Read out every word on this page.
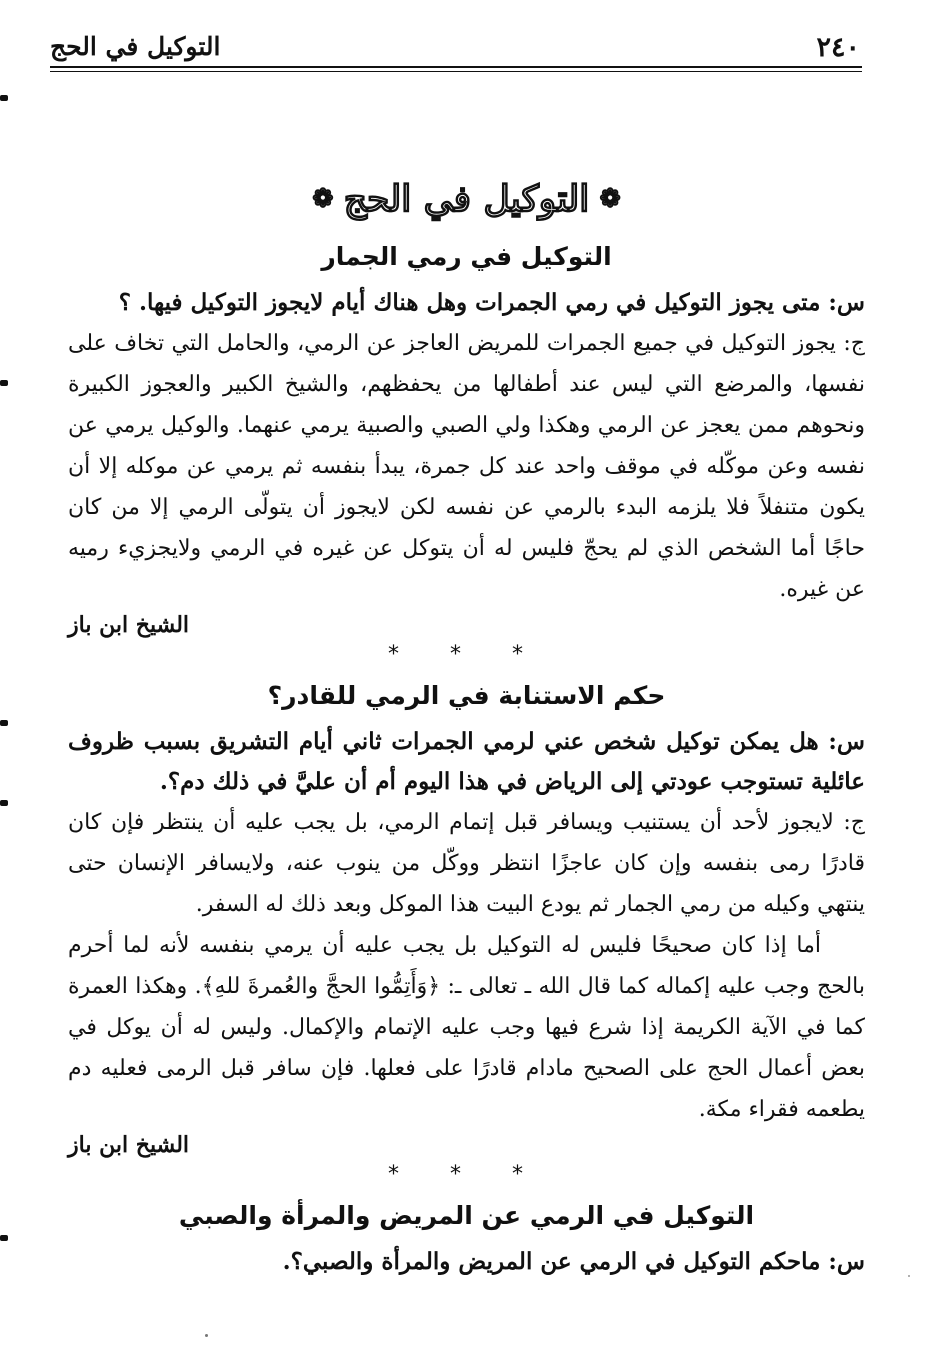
٢٤٠
التوكيل في الحج
❁
التوكيل في الحج
❁
التوكيل في رمي الجمار

س: متى يجوز التوكيل في رمي الجمرات وهل هناك أيام لايجوز التوكيل فيها. ؟

ج: يجوز التوكيل في جميع الجمرات للمريض العاجز عن الرمي، والحامل التي تخاف على نفسها، والمرضع التي ليس عند أطفالها من يحفظهم، والشيخ الكبير والعجوز الكبيرة ونحوهم ممن يعجز عن الرمي وهكذا ولي الصبي والصبية يرمي عنهما. والوكيل يرمي عن نفسه وعن موكّله في موقف واحد عند كل جمرة، يبدأ بنفسه ثم يرمي عن موكله إلا أن يكون متنفلاً فلا يلزمه البدء بالرمي عن نفسه لكن لايجوز أن يتولّى الرمي إلا من كان حاجًا أما الشخص الذي لم يحجّ فليس له أن يتوكل عن غيره في الرمي ولايجزيء رميه عن غيره.

الشيخ ابن باز

* * *
حكم الاستنابة في الرمي للقادر؟

س: هل يمكن توكيل شخص عني لرمي الجمرات ثاني أيام التشريق بسبب ظروف عائلية تستوجب عودتي إلى الرياض في هذا اليوم أم أن عليَّ في ذلك دم؟.

ج: لايجوز لأحد أن يستنيب ويسافر قبل إتمام الرمي، بل يجب عليه أن ينتظر فإن كان قادرًا رمى بنفسه وإن كان عاجزًا انتظر ووكّل من ينوب عنه، ولايسافر الإنسان حتى ينتهي وكيله من رمي الجمار ثم يودع البيت هذا الموكل وبعد ذلك له السفر.

أما إذا كان صحيحًا فليس له التوكيل بل يجب عليه أن يرمي بنفسه لأنه لما أحرم بالحج وجب عليه إكماله كما قال الله ـ تعالى ـ: ﴿وَأَتِمُّوا الحجَّ والعُمرةَ للهِ﴾. وهكذا العمرة كما في الآية الكريمة إذا شرع فيها وجب عليه الإتمام والإكمال. وليس له أن يوكل في بعض أعمال الحج على الصحيح مادام قادرًا على فعلها. فإن سافر قبل الرمى فعليه دم يطعمه فقراء مكة.

الشيخ ابن باز

* * *
التوكيل في الرمي عن المريض والمرأة والصبي

س: ماحكم التوكيل في الرمي عن المريض والمرأة والصبي؟.
